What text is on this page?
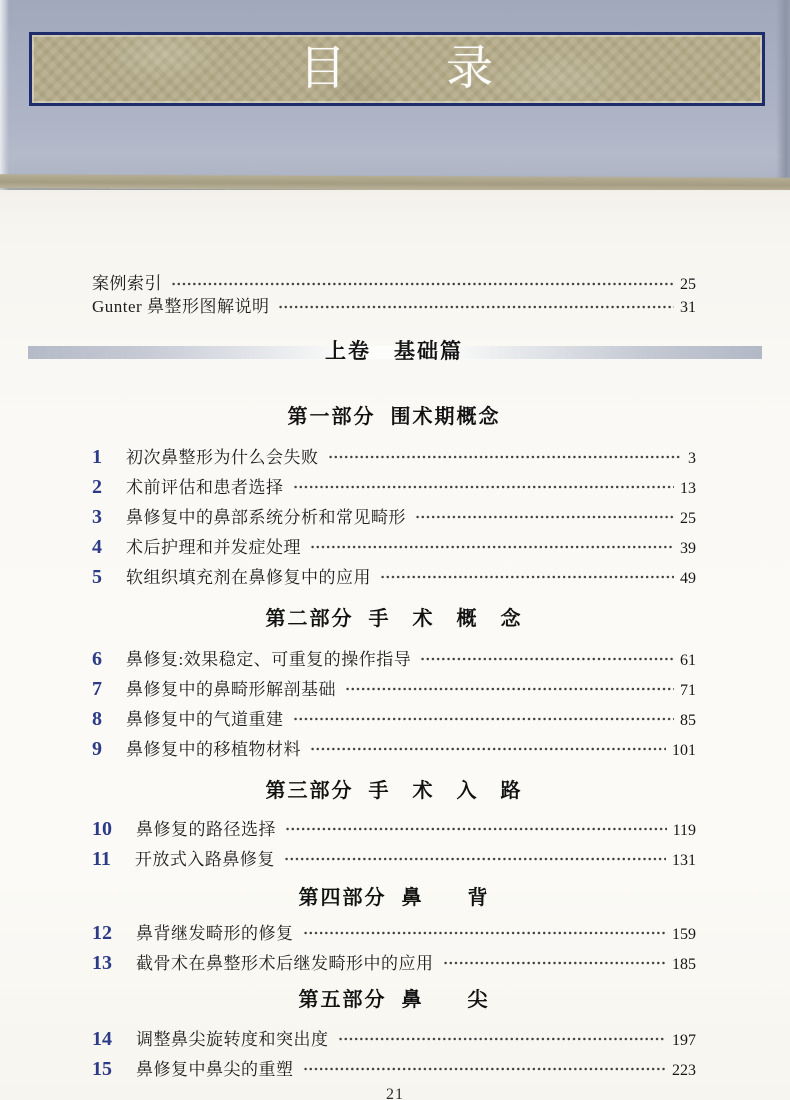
目　　录
案例索引	25
Gunter 鼻整形图解说明	31
上卷　基础篇
第一部分 围术期概念
1 初次鼻整形为什么会失败	3
2 术前评估和患者选择	13
3 鼻修复中的鼻部系统分析和常见畸形	25
4 术后护理和并发症处理	39
5 软组织填充剂在鼻修复中的应用	49
第二部分 手　术　概　念
6 鼻修复:效果稳定、可重复的操作指导	61
7 鼻修复中的鼻畸形解剖基础	71
8 鼻修复中的气道重建	85
9 鼻修复中的移植物材料	101
第三部分 手　术　入　路
10 鼻修复的路径选择	119
11 开放式入路鼻修复	131
第四部分 鼻　　背
12 鼻背继发畸形的修复	159
13 截骨术在鼻整形术后继发畸形中的应用	185
第五部分 鼻　　尖
14 调整鼻尖旋转度和突出度	197
15 鼻修复中鼻尖的重塑	223
21
